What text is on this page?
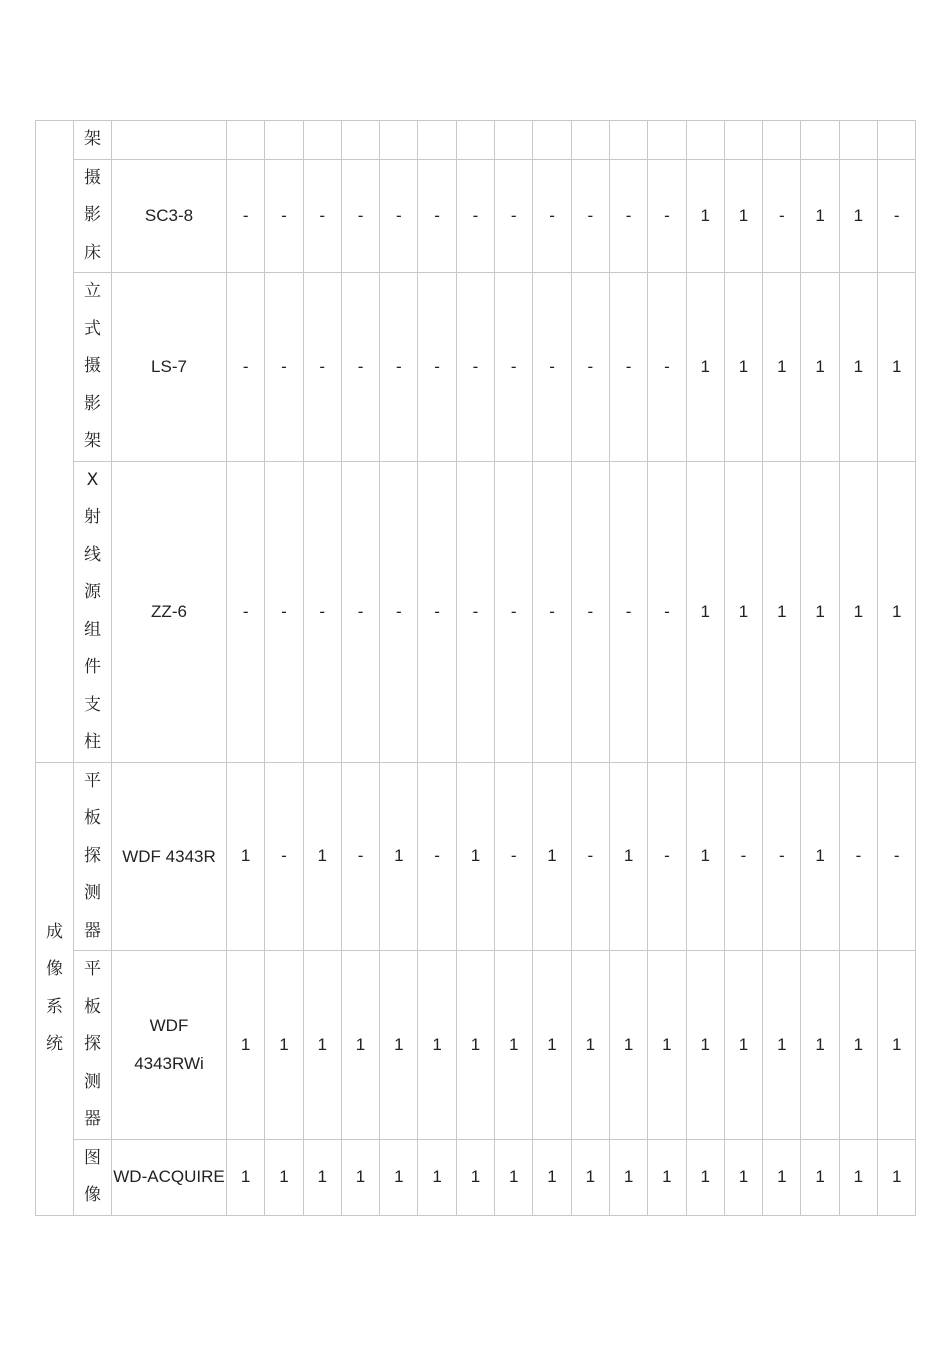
	架																			
	摄影床	SC3-8	-	-	-	-	-	-	-	-	-	-	-	-	1	1	-	1	1	-
	立式摄影架	LS-7	-	-	-	-	-	-	-	-	-	-	-	-	1	1	1	1	1	1
	X射线源组件支柱	ZZ-6	-	-	-	-	-	-	-	-	-	-	-	-	1	1	1	1	1	1
成像系统	平板探测器	WDF 4343R	1	-	1	-	1	-	1	-	1	-	1	-	1	-	-	1	-	-
	平板探测器	WDF 4343RWi	1	1	1	1	1	1	1	1	1	1	1	1	1	1	1	1	1	1
	图像	WD-ACQUIRE	1	1	1	1	1	1	1	1	1	1	1	1	1	1	1	1	1	1
